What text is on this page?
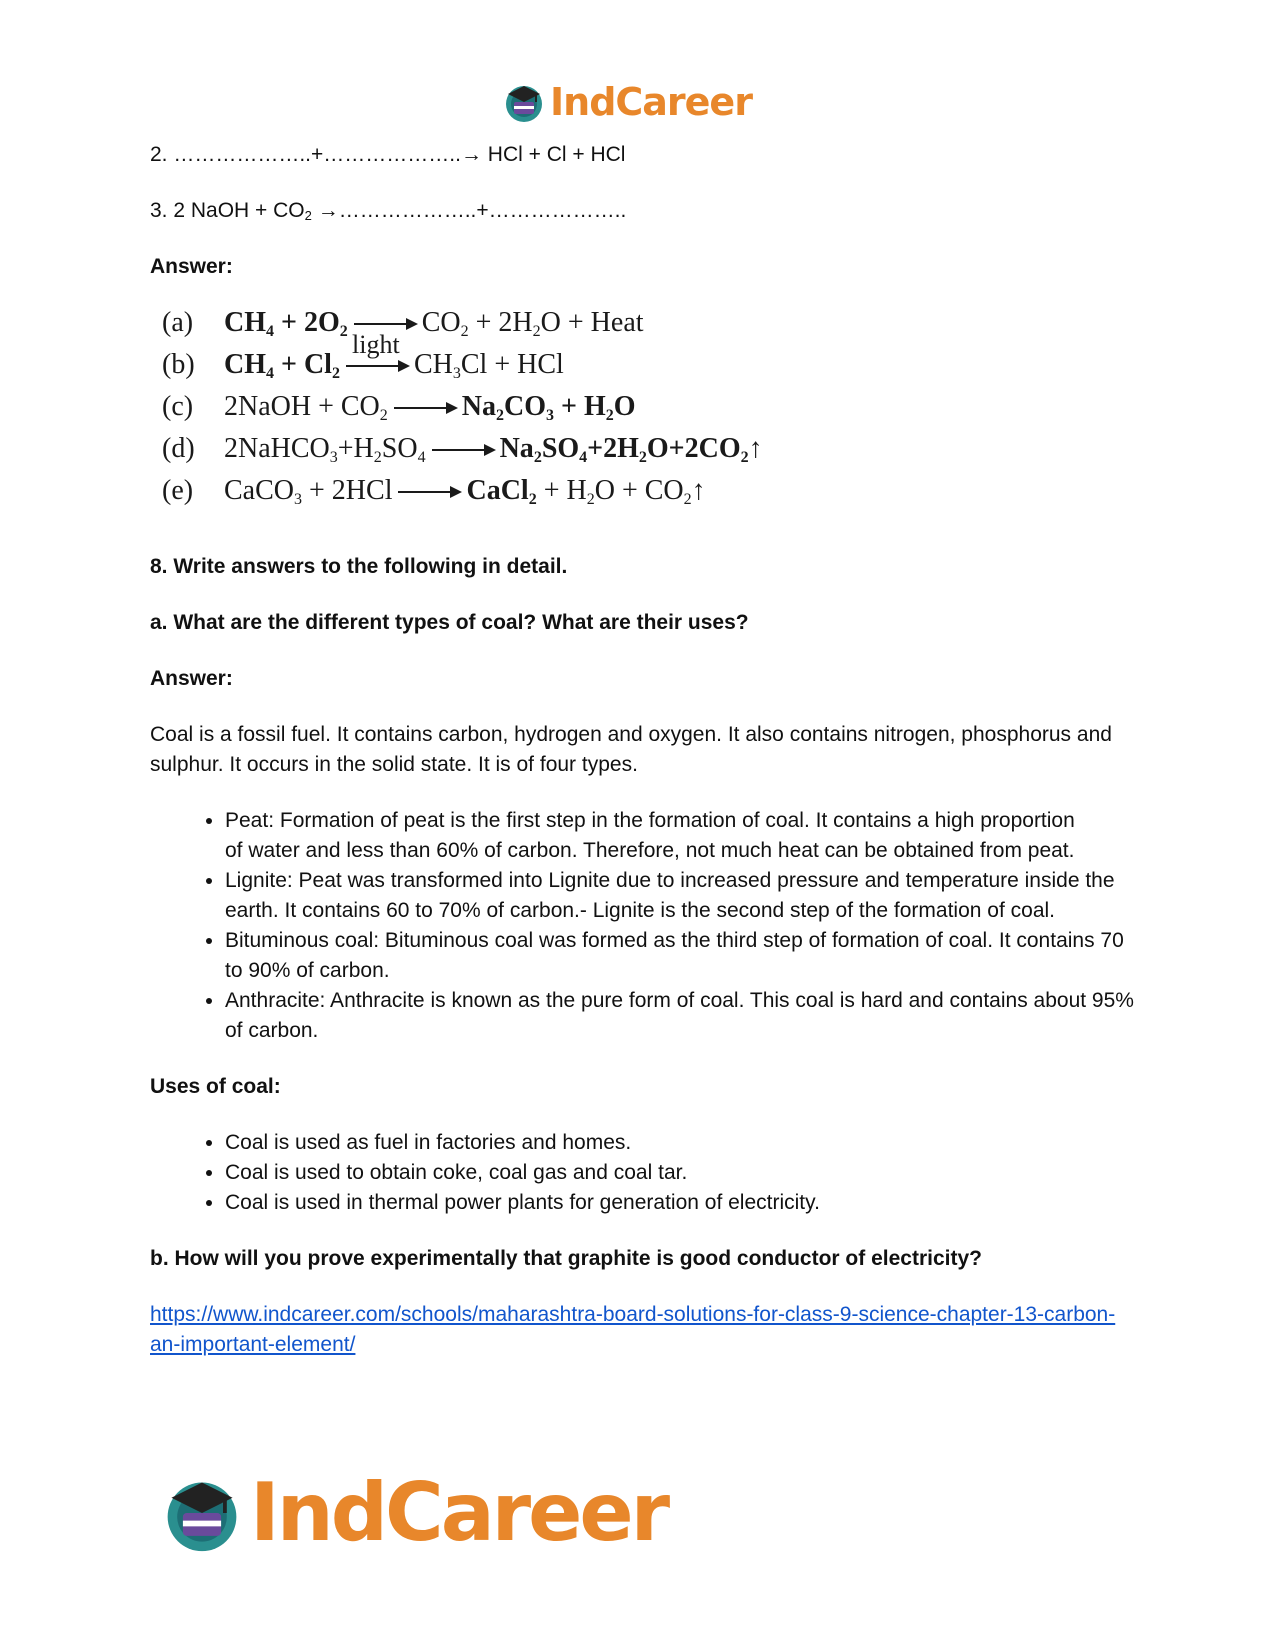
IndCareer

2. ………………..+………………..→ HCl + Cl + HCl

3. 2 NaOH + $CO_2$ →………………..+………………..

Answer:

(a)	$CH_4 + 2O_2$	$CO_2 + 2H_2O$ + Heat
light
(b)	$CH_4 + Cl_2$	$CH_3Cl$ + HCl
(c)	2NaOH + $CO_2$	$Na_2CO_3 + H_2O$
(d)	$2NaHCO_3+H_2SO_4$	$Na_2SO_4+2H_2O+2CO_2↑$
(e)	CaCO$_3$ + 2HCl	CaCl$_2$ + $H_2O$ + $CO_2↑$

8. Write answers to the following in detail.

a. What are the different types of coal? What are their uses?

Answer:

Coal is a fossil fuel. It contains carbon, hydrogen and oxygen. It also contains nitrogen, phosphorus and sulphur. It occurs in the solid state. It is of four types.

• Peat: Formation of peat is the first step in the formation of coal. It contains a high proportion
of water and less than 60% of carbon. Therefore, not much heat can be obtained from peat.
• Lignite: Peat was transformed into Lignite due to increased pressure and temperature inside the earth. It contains 60 to 70% of carbon.- Lignite is the second step of the formation of coal.
• Bituminous coal: Bituminous coal was formed as the third step of formation of coal. It contains 70 to 90% of carbon.
• Anthracite: Anthracite is known as the pure form of coal. This coal is hard and contains about 95% of carbon.

Uses of coal:

• Coal is used as fuel in factories and homes.
• Coal is used to obtain coke, coal gas and coal tar.
• Coal is used in thermal power plants for generation of electricity.

b. How will you prove experimentally that graphite is good conductor of electricity?

https://www.indcareer.com/schools/maharashtra-board-solutions-for-class-9-science-chapter-13-carbon-an-important-element/

IndCareer
